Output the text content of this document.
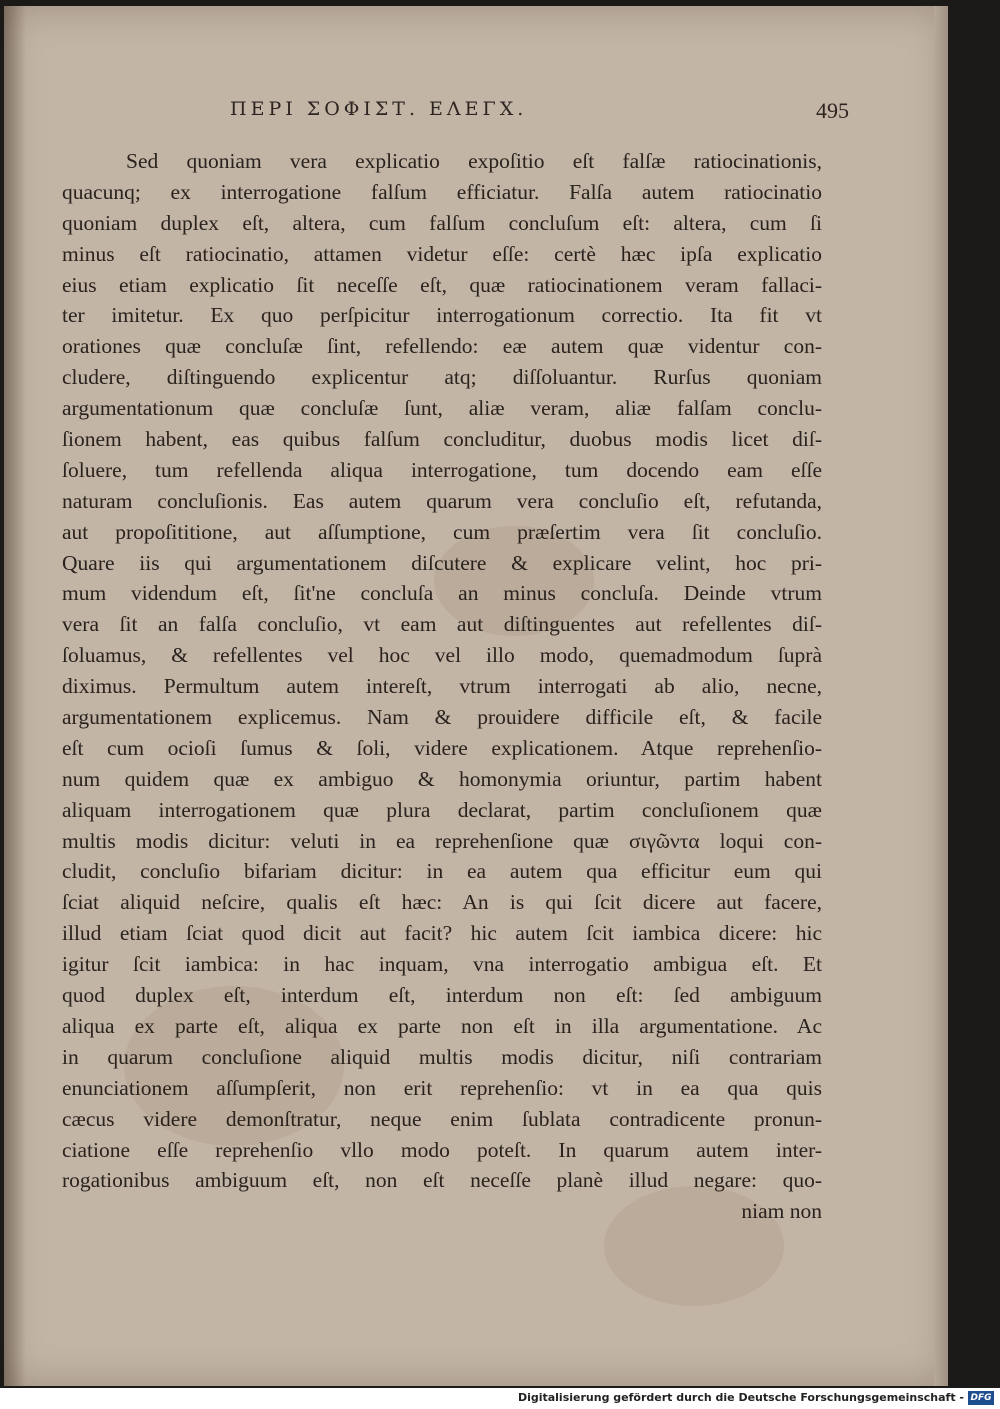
ΠΕΡΙ ΣΟΦΙΣΤ. ΕΛΕΓΧ.	495
Sed quoniam vera explicatio expoſitio eſt falſæ ratiocinationis,
quacunq; ex interrogatione falſum efficiatur. Falſa autem ratiocinatio
quoniam duplex eſt, altera, cum falſum concluſum eſt: altera, cum ſi
minus eſt ratiocinatio, attamen videtur eſſe: certè hæc ipſa explicatio
eius etiam explicatio ſit neceſſe eſt, quæ ratiocinationem veram fallaci-
ter imitetur. Ex quo perſpicitur interrogationum correctio. Ita fit vt
orationes quæ concluſæ ſint, refellendo: eæ autem quæ videntur con-
cludere, diſtinguendo explicentur atq; diſſoluantur. Rurſus quoniam
argumentationum quæ concluſæ ſunt, aliæ veram, aliæ falſam conclu-
ſionem habent, eas quibus falſum concluditur, duobus modis licet diſ-
ſoluere, tum refellenda aliqua interrogatione, tum docendo eam eſſe
naturam concluſionis. Eas autem quarum vera concluſio eſt, refutanda,
aut propoſititione, aut aſſumptione, cum præſertim vera ſit concluſio.
Quare iis qui argumentationem diſcutere & explicare velint, hoc pri-
mum videndum eſt, ſit'ne concluſa an minus concluſa. Deinde vtrum
vera ſit an falſa concluſio, vt eam aut diſtinguentes aut refellentes diſ-
ſoluamus, & refellentes vel hoc vel illo modo, quemadmodum ſuprà
diximus. Permultum autem intereſt, vtrum interrogati ab alio, necne,
argumentationem explicemus. Nam & prouidere difficile eſt, & facile
eſt cum ocioſi ſumus & ſoli, videre explicationem. Atque reprehenſio-
num quidem quæ ex ambiguo & homonymia oriuntur, partim habent
aliquam interrogationem quæ plura declarat, partim concluſionem quæ
multis modis dicitur: veluti in ea reprehenſione quæ σιγῶντα loqui con-
cludit, concluſio bifariam dicitur: in ea autem qua efficitur eum qui
ſciat aliquid neſcire, qualis eſt hæc: An is qui ſcit dicere aut facere,
illud etiam ſciat quod dicit aut facit? hic autem ſcit iambica dicere: hic
igitur ſcit iambica: in hac inquam, vna interrogatio ambigua eſt. Et
quod duplex eſt, interdum eſt, interdum non eſt: ſed ambiguum
aliqua ex parte eſt, aliqua ex parte non eſt in illa argumentatione. Ac
in quarum concluſione aliquid multis modis dicitur, niſi contrariam
enunciationem aſſumpſerit, non erit reprehenſio: vt in ea qua quis
cæcus videre demonſtratur, neque enim ſublata contradicente pronun-
ciatione eſſe reprehenſio vllo modo poteſt. In quarum autem inter-
rogationibus ambiguum eſt, non eſt neceſſe planè illud negare: quo-
niam non
Digitalisierung gefördert durch die Deutsche Forschungsgemeinschaft - DFG
